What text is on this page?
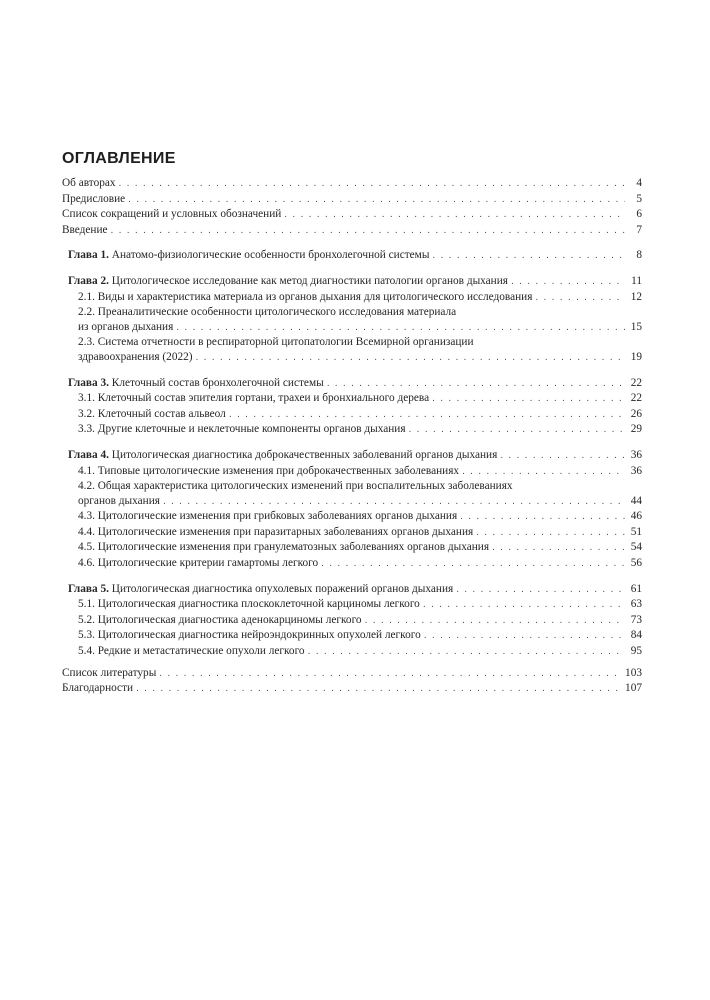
ОГЛАВЛЕНИЕ
Об авторах . . .	4
Предисловие . . .	5
Список сокращений и условных обозначений . . .	6
Введение . . .	7
Глава 1. Анатомо-физиологические особенности бронхолегочной системы . . .	8
Глава 2. Цитологическое исследование как метод диагностики патологии органов дыхания . . .	11
2.1. Виды и характеристика материала из органов дыхания для цитологического исследования . . .	12
2.2. Преаналитические особенности цитологического исследования материала
из органов дыхания . . .	15
2.3. Система отчетности в респираторной цитопатологии Всемирной организации
здравоохранения (2022) . . .	19
Глава 3. Клеточный состав бронхолегочной системы . . .	22
3.1. Клеточный состав эпителия гортани, трахеи и бронхиального дерева . . .	22
3.2. Клеточный состав альвеол . . .	26
3.3. Другие клеточные и неклеточные компоненты органов дыхания . . .	29
Глава 4. Цитологическая диагностика доброкачественных заболеваний органов дыхания . . .	36
4.1. Типовые цитологические изменения при доброкачественных заболеваниях . . .	36
4.2. Общая характеристика цитологических изменений при воспалительных заболеваниях
органов дыхания . . .	44
4.3. Цитологические изменения при грибковых заболеваниях органов дыхания . . .	46
4.4. Цитологические изменения при паразитарных заболеваниях органов дыхания . . .	51
4.5. Цитологические изменения при гранулематозных заболеваниях органов дыхания . . .	54
4.6. Цитологические критерии гамартомы легкого . . .	56
Глава 5. Цитологическая диагностика опухолевых поражений органов дыхания . . .	61
5.1. Цитологическая диагностика плоскоклеточной карциномы легкого . . .	63
5.2. Цитологическая диагностика аденокарциномы легкого . . .	73
5.3. Цитологическая диагностика нейроэндокринных опухолей легкого . . .	84
5.4. Редкие и метастатические опухоли легкого . . .	95
Список литературы . . .	103
Благодарности . . .	107
